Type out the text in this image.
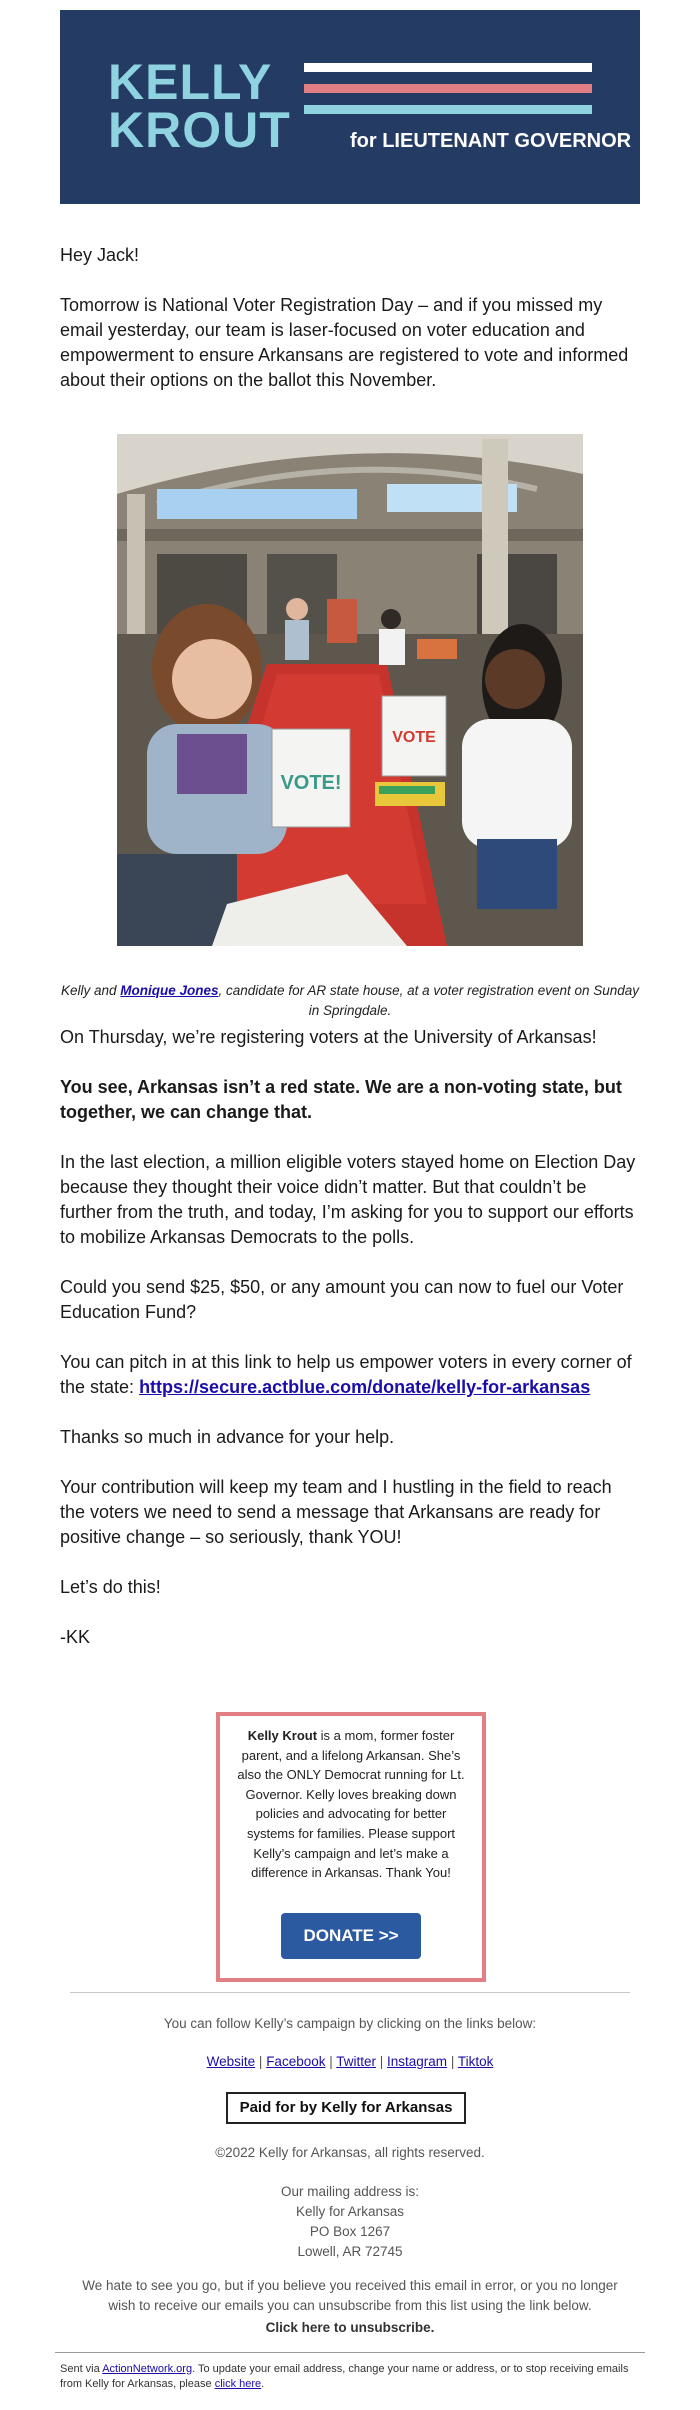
KELLY
KROUT	for LIEUTENANT GOVERNOR

Hey Jack!

Tomorrow is National Voter Registration Day – and if you missed my email yesterday, our team is laser-focused on voter education and empowerment to ensure Arkansans are registered to vote and informed about their options on the ballot this November.

VOTE!
VOTE

Kelly and Monique Jones, candidate for AR state house, at a voter registration event on Sunday in Springdale.

On Thursday, we’re registering voters at the University of Arkansas!

You see, Arkansas isn’t a red state. We are a non-voting state, but together, we can change that.

In the last election, a million eligible voters stayed home on Election Day because they thought their voice didn’t matter. But that couldn’t be further from the truth, and today, I’m asking for you to support our efforts to mobilize Arkansas Democrats to the polls.

Could you send $25, $50, or any amount you can now to fuel our Voter Education Fund?

You can pitch in at this link to help us empower voters in every corner of the state: https://secure.actblue.com/donate/kelly-for-arkansas

Thanks so much in advance for your help.

Your contribution will keep my team and I hustling in the field to reach the voters we need to send a message that Arkansans are ready for positive change – so seriously, thank YOU!

Let’s do this!

-KK

Kelly Krout is a mom, former foster parent, and a lifelong Arkansan. She’s also the ONLY Democrat running for Lt. Governor. Kelly loves breaking down policies and advocating for better systems for families. Please support Kelly’s campaign and let’s make a difference in Arkansas. Thank You!
DONATE >>

You can follow Kelly’s campaign by clicking on the links below:

Website | Facebook | Twitter | Instagram | Tiktok

Paid for by Kelly for Arkansas

©2022 Kelly for Arkansas, all rights reserved.

Our mailing address is:
Kelly for Arkansas
PO Box 1267
Lowell, AR 72745

We hate to see you go, but if you believe you received this email in error, or you no longer wish to receive our emails you can unsubscribe from this list using the link below.

Click here to unsubscribe.

Sent via ActionNetwork.org. To update your email address, change your name or address, or to stop receiving emails from Kelly for Arkansas, please click here.
